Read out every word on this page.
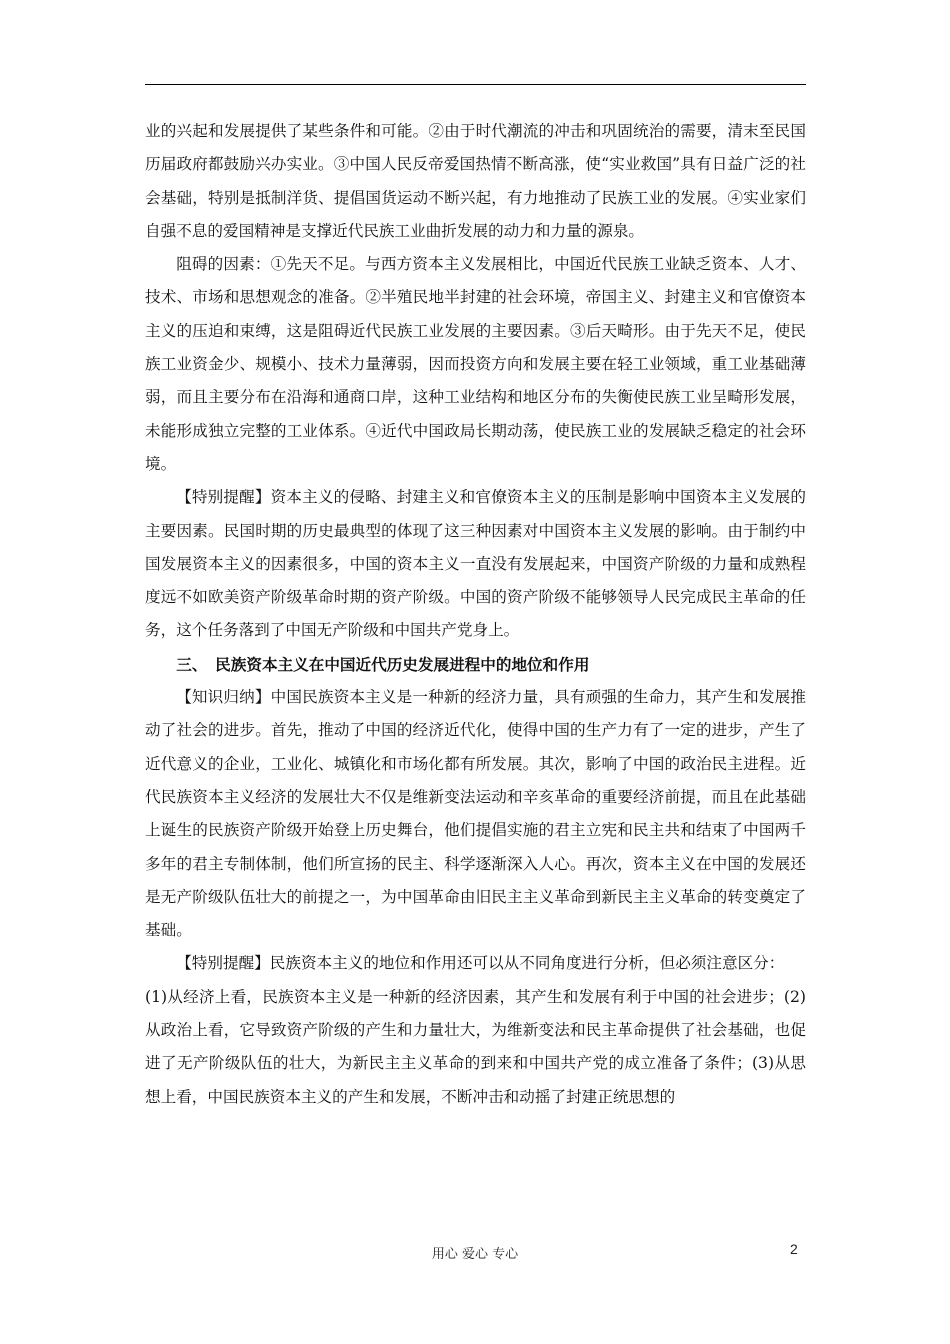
业的兴起和发展提供了某些条件和可能。②由于时代潮流的冲击和巩固统治的需要，清末至民国历届政府都鼓励兴办实业。③中国人民反帝爱国热情不断高涨，使“实业救国”具有日益广泛的社会基础，特别是抵制洋货、提倡国货运动不断兴起，有力地推动了民族工业的发展。④实业家们自强不息的爱国精神是支撑近代民族工业曲折发展的动力和力量的源泉。

阻碍的因素：①先天不足。与西方资本主义发展相比，中国近代民族工业缺乏资本、人才、技术、市场和思想观念的准备。②半殖民地半封建的社会环境，帝国主义、封建主义和官僚资本主义的压迫和束缚，这是阻碍近代民族工业发展的主要因素。③后天畸形。由于先天不足，使民族工业资金少、规模小、技术力量薄弱，因而投资方向和发展主要在轻工业领域，重工业基础薄弱，而且主要分布在沿海和通商口岸，这种工业结构和地区分布的失衡使民族工业呈畸形发展，未能形成独立完整的工业体系。④近代中国政局长期动荡，使民族工业的发展缺乏稳定的社会环境。

【特别提醒】资本主义的侵略、封建主义和官僚资本主义的压制是影响中国资本主义发展的主要因素。民国时期的历史最典型的体现了这三种因素对中国资本主义发展的影响。由于制约中国发展资本主义的因素很多，中国的资本主义一直没有发展起来，中国资产阶级的力量和成熟程度远不如欧美资产阶级革命时期的资产阶级。中国的资产阶级不能够领导人民完成民主革命的任务，这个任务落到了中国无产阶级和中国共产党身上。

三、　民族资本主义在中国近代历史发展进程中的地位和作用

【知识归纳】中国民族资本主义是一种新的经济力量，具有顽强的生命力，其产生和发展推动了社会的进步。首先，推动了中国的经济近代化，使得中国的生产力有了一定的进步，产生了近代意义的企业，工业化、城镇化和市场化都有所发展。其次，影响了中国的政治民主进程。近代民族资本主义经济的发展壮大不仅是维新变法运动和辛亥革命的重要经济前提，而且在此基础上诞生的民族资产阶级开始登上历史舞台，他们提倡实施的君主立宪和民主共和结束了中国两千多年的君主专制体制，他们所宣扬的民主、科学逐渐深入人心。再次，资本主义在中国的发展还是无产阶级队伍壮大的前提之一，为中国革命由旧民主主义革命到新民主主义革命的转变奠定了基础。

【特别提醒】民族资本主义的地位和作用还可以从不同角度进行分析，但必须注意区分：

(1)从经济上看，民族资本主义是一种新的经济因素，其产生和发展有利于中国的社会进步；(2)从政治上看，它导致资产阶级的产生和力量壮大，为维新变法和民主革命提供了社会基础，也促进了无产阶级队伍的壮大，为新民主主义革命的到来和中国共产党的成立准备了条件；(3)从思想上看，中国民族资本主义的产生和发展，不断冲击和动摇了封建正统思想的

用心 爱心 专心	2
